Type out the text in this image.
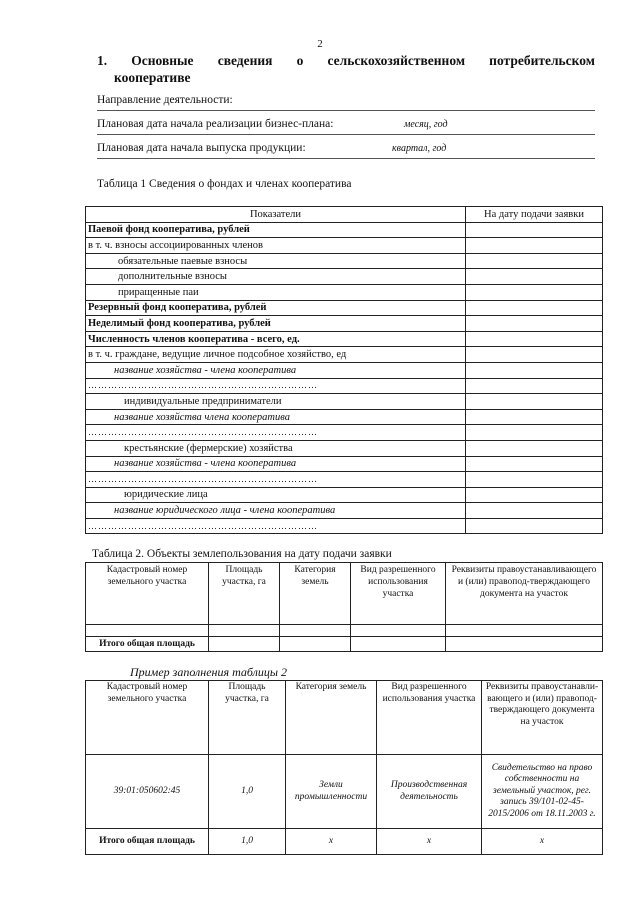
2
1. Основные сведения о сельскохозяйственном потребительском
кооперативе
Направление деятельности:
Плановая дата начала реализации бизнес-плана:	месяц, год
Плановая дата начала выпуска продукции:	квартал, год
Таблица 1 Сведения о фондах и членах кооператива
Показатели	На дату подачи заявки
Паевой фонд кооператива, рублей	
в т. ч. взносы ассоциированных членов	
обязательные паевые взносы	
дополнительные взносы	
приращенные паи	
Резервный фонд кооператива, рублей	
Неделимый фонд кооператива, рублей	
Численность членов кооператива - всего, ед.	
в т. ч. граждане, ведущие личное подсобное хозяйство, ед	
название хозяйства - члена кооператива	
……………………………………………………………	
индивидуальные предприниматели	
название хозяйства члена кооператива	
……………………………………………………………	
крестьянские (фермерские) хозяйства	
название хозяйства - члена кооператива	
……………………………………………………………	
юридические лица	
название юридического лица - члена кооператива	
……………………………………………………………	
Таблица 2. Объекты землепользования на дату подачи заявки
Кадастровый номер земельного участка	Площадь участка, га	Категория земель	Вид разрешенного использования участка	Реквизиты правоустанавливающего и (или) правопод-тверждающего документа на участок

Итого общая площадь				
Пример заполнения таблицы 2
Кадастровый номер земельного участка	Площадь участка, га	Категория земель	Вид разрешенного использования участка	Реквизиты правоустанавли-вающего и (или) правопод-тверждающего документа на участок
39:01:050602:45	1,0	Земли промышленности	Производственная деятельность	Свидетельство на право собственности на земельный участок, рег. запись 39/101-02-45-2015/2006 от 18.11.2003 г.
Итого общая площадь	1,0	x	x	x
